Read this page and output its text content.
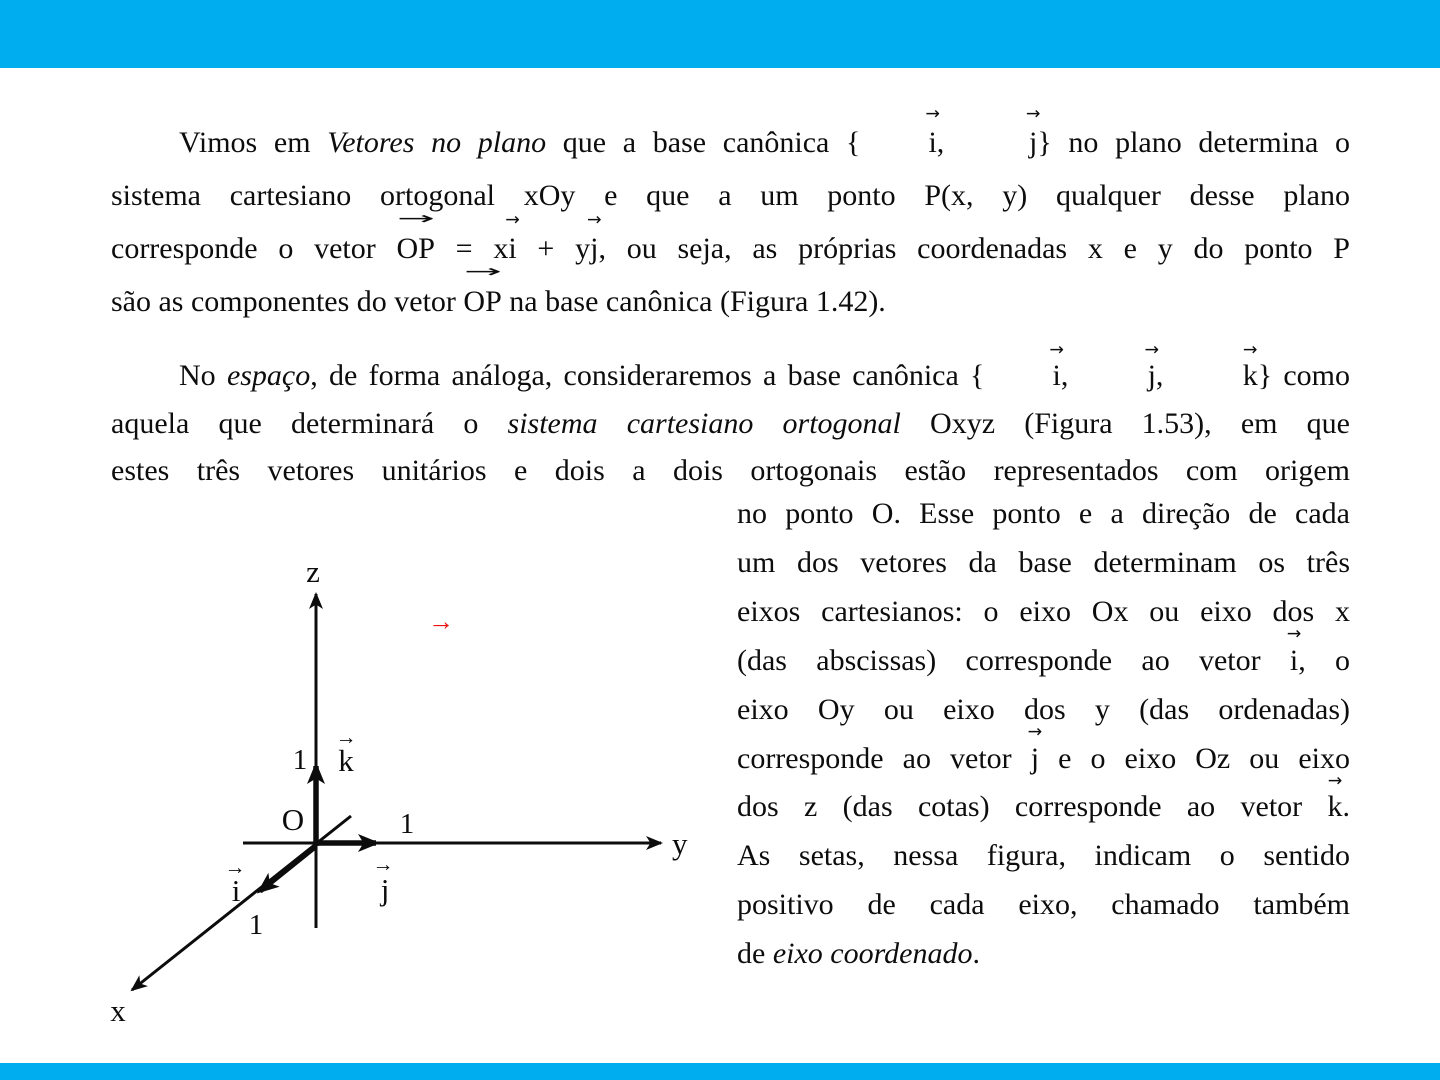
Vimos em Vetores no plano que a base canônica {
→
i,
→
j} no plano determina o
sistema cartesiano ortogonal xOy e que a um ponto P(x, y) qualquer desse plano
corresponde o vetor
→
OP = x
→
i + y
→
j, ou seja, as próprias coordenadas x e y do ponto P
são as componentes do vetor
→
OP na base canônica (Figura 1.42).
No espaço, de forma análoga, consideraremos a base canônica {
→
i,
→
j,
→
k} como
aquela que determinará o sistema cartesiano ortogonal Oxyz (Figura 1.53), em que
estes três vetores unitários e dois a dois ortogonais estão representados com origem
no ponto O. Esse ponto e a direção de cada
um dos vetores da base determinam os três
eixos cartesianos: o eixo Ox ou eixo dos x
(das abscissas) corresponde ao vetor
→
i, o
eixo Oy ou eixo dos y (das ordenadas)
corresponde ao vetor
→
j e o eixo Oz ou eixo
dos z (das cotas) corresponde ao vetor
→
k.
As setas, nessa figura, indicam o sentido
positivo de cada eixo, chamado também
de eixo coordenado.
z
y
x
O
1
1
1
k
→
j
→
i
→
→
